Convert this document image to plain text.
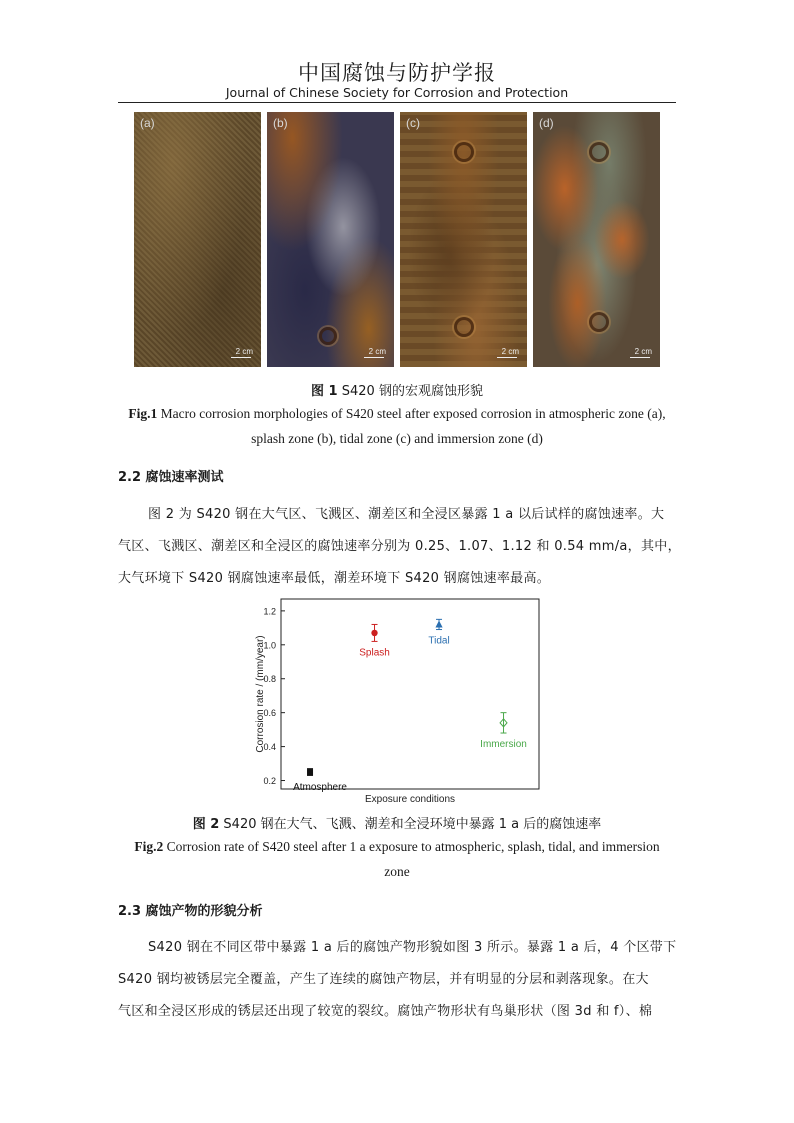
中国腐蚀与防护学报
Journal of Chinese Society for Corrosion and Protection
(a)
2 cm
(b)
2 cm
(c)
2 cm
(d)
2 cm
图 1 S420 钢的宏观腐蚀形貌
Fig.1 Macro corrosion morphologies of S420 steel after exposed corrosion in atmospheric zone (a),
splash zone (b), tidal zone (c) and immersion zone (d)
2.2 腐蚀速率测试
图 2 为 S420 钢在大气区、飞溅区、潮差区和全浸区暴露 1 a 以后试样的腐蚀速率。大
气区、飞溅区、潮差区和全浸区的腐蚀速率分别为 0.25、1.07、1.12 和 0.54 mm/a，其中，
大气环境下 S420 钢腐蚀速率最低，潮差环境下 S420 钢腐蚀速率最高。
0.2
0.4
0.6
0.8
1.0
1.2
Corrosion rate / (mm/year)
Exposure conditions
Atmosphere
Splash
Tidal
Immersion
图 2 S420 钢在大气、飞溅、潮差和全浸环境中暴露 1 a 后的腐蚀速率
Fig.2 Corrosion rate of S420 steel after 1 a exposure to atmospheric, splash, tidal, and immersion
zone
2.3 腐蚀产物的形貌分析
S420 钢在不同区带中暴露 1 a 后的腐蚀产物形貌如图 3 所示。暴露 1 a 后，4 个区带下
S420 钢均被锈层完全覆盖，产生了连续的腐蚀产物层，并有明显的分层和剥落现象。在大
气区和全浸区形成的锈层还出现了较宽的裂纹。腐蚀产物形状有鸟巢形状（图 3d 和 f）、棉
